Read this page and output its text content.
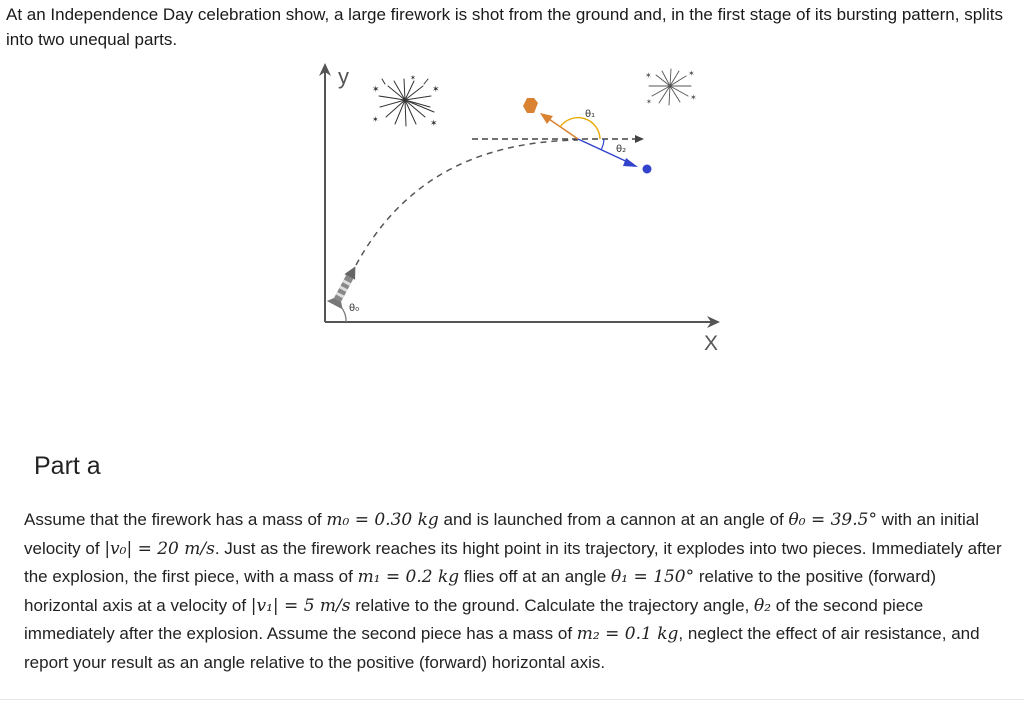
At an Independence Day celebration show, a large firework is shot from the ground and, in the first stage of its bursting pattern, splits into two unequal parts.

y
X
θ₀
θ₁
θ₂
✶	✶
✶	✶
✶	✶	✶
✶
✶
Part a

Assume that the firework has a mass of m₀ = 0.30 kg and is launched from a cannon at an angle of θ₀ = 39.5° with an initial velocity of |v₀| = 20 m/s. Just as the firework reaches its hight point in its trajectory, it explodes into two pieces. Immediately after the explosion, the first piece, with a mass of m₁ = 0.2 kg flies off at an angle θ₁ = 150° relative to the positive (forward) horizontal axis at a velocity of |v₁| = 5 m/s relative to the ground. Calculate the trajectory angle, θ₂ of the second piece immediately after the explosion. Assume the second piece has a mass of m₂ = 0.1 kg, neglect the effect of air resistance, and report your result as an angle relative to the positive (forward) horizontal axis.
